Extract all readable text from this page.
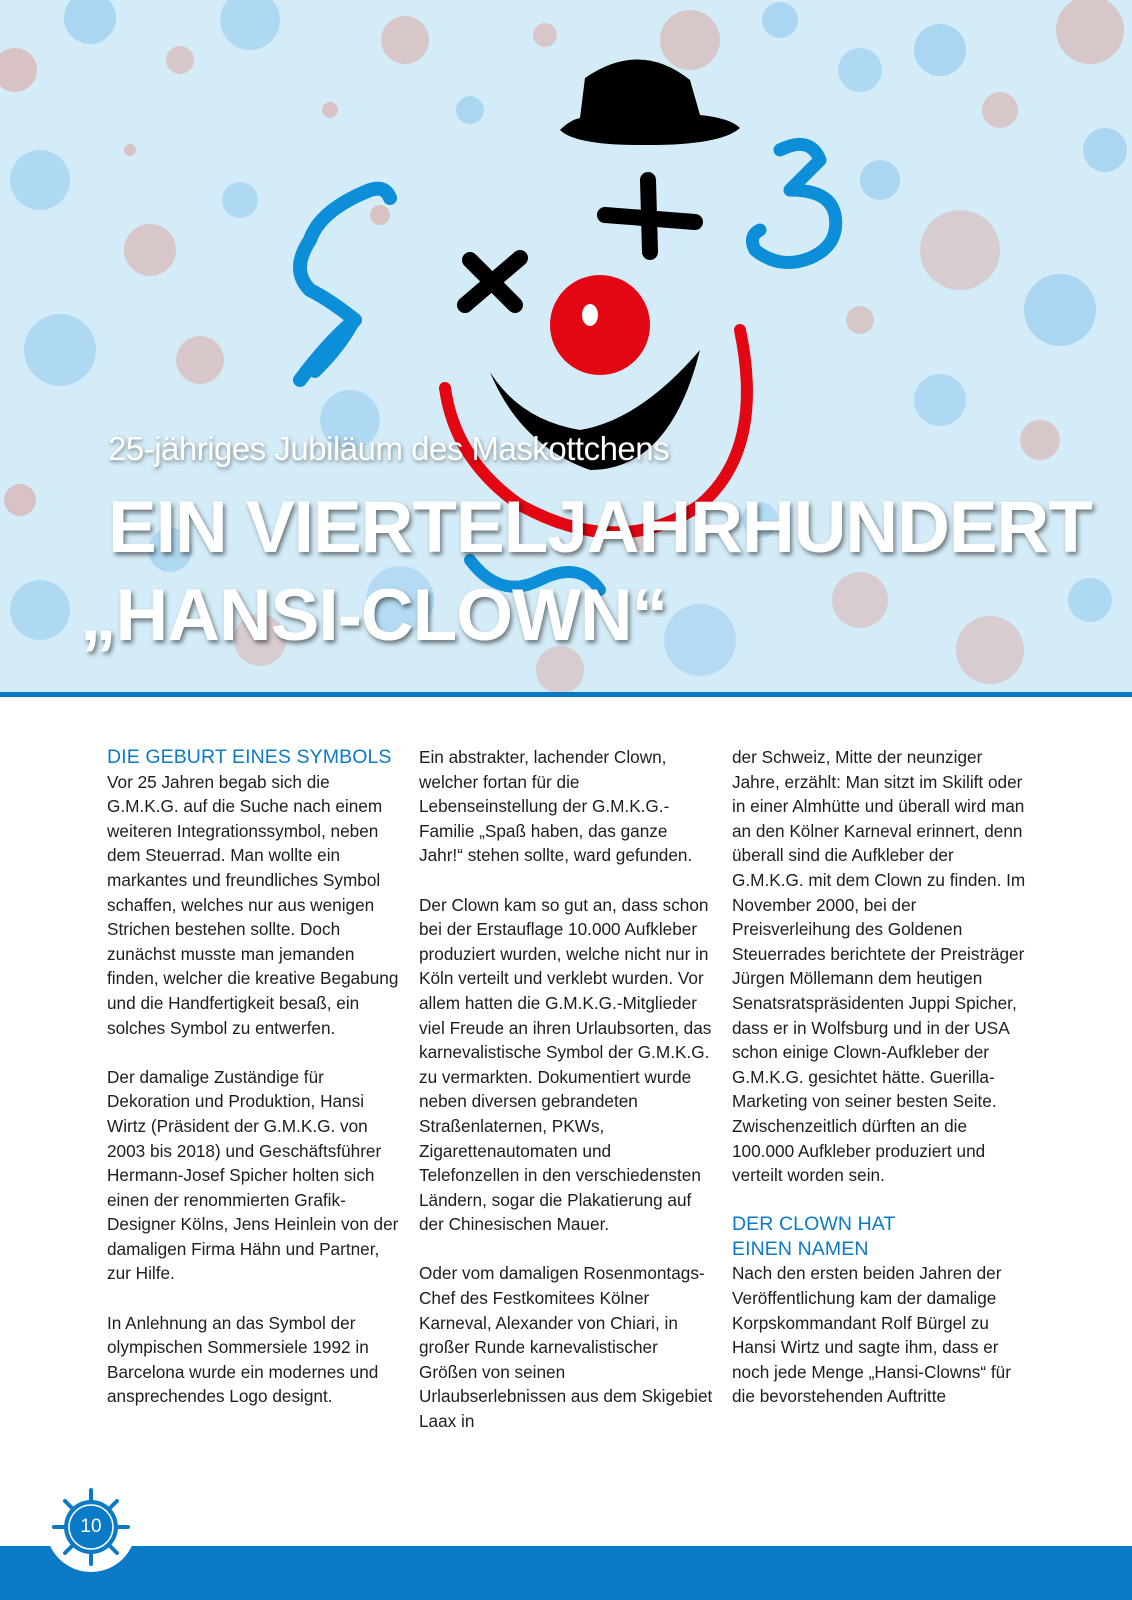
25-jähriges Jubiläum des Maskottchens
EIN VIERTELJAHRHUNDERT
„HANSI-CLOWN“
DIE GEBURT EINES SYMBOLS

Vor 25 Jahren begab sich die G.M.K.G. auf die Suche nach einem weiteren Integrationssymbol, neben dem Steuerrad. Man wollte ein markantes und freundliches Symbol schaffen, welches nur aus wenigen Strichen bestehen sollte. Doch zunächst musste man jemanden finden, welcher die kreative Begabung und die Handfertigkeit besaß, ein solches Symbol zu entwerfen.

Der damalige Zuständige für Dekoration und Produktion, Hansi Wirtz (Präsident der G.M.K.G. von 2003 bis 2018) und Geschäftsführer Hermann-Josef Spicher holten sich einen der renommierten Grafik-Designer Kölns, Jens Heinlein von der damaligen Firma Hähn und Partner, zur Hilfe.

In Anlehnung an das Symbol der olympischen Sommersiele 1992 in Barcelona wurde ein modernes und ansprechendes Logo designt.

Ein abstrakter, lachender Clown, welcher fortan für die Lebenseinstellung der G.M.K.G.-Familie „Spaß haben, das ganze Jahr!“ stehen sollte, ward gefunden.

Der Clown kam so gut an, dass schon bei der Erstauflage 10.000 Aufkleber produziert wurden, welche nicht nur in Köln verteilt und verklebt wurden. Vor allem hatten die G.M.K.G.-Mitglieder viel Freude an ihren Urlaubsorten, das karnevalistische Symbol der G.M.K.G. zu vermarkten. Dokumentiert wurde neben diversen gebrandeten Straßenlaternen, PKWs, Zigarettenautomaten und Telefonzellen in den verschiedensten Ländern, sogar die Plakatierung auf der Chinesischen Mauer.

Oder vom damaligen Rosenmontags-Chef des Festkomitees Kölner Karneval, Alexander von Chiari, in großer Runde karnevalistischer Größen von seinen Urlaubserlebnissen aus dem Skigebiet Laax in

der Schweiz, Mitte der neunziger Jahre, erzählt: Man sitzt im Skilift oder in einer Almhütte und überall wird man an den Kölner Karneval erinnert, denn überall sind die Aufkleber der G.M.K.G. mit dem Clown zu finden. Im November 2000, bei der Preisverleihung des Goldenen Steuerrades berichtete der Preisträger Jürgen Möllemann dem heutigen Senatsratspräsidenten Juppi Spicher, dass er in Wolfsburg und in der USA schon einige Clown-Aufkleber der G.M.K.G. gesichtet hätte. Guerilla-Marketing von seiner besten Seite. Zwischenzeitlich dürften an die 100.000 Aufkleber produziert und verteilt worden sein.

DER CLOWN HAT
EINEN NAMEN

Nach den ersten beiden Jahren der Veröffentlichung kam der damalige Korpskommandant Rolf Bürgel zu Hansi Wirtz und sagte ihm, dass er noch jede Menge „Hansi-Clowns“ für die bevorstehenden Auftritte

10
